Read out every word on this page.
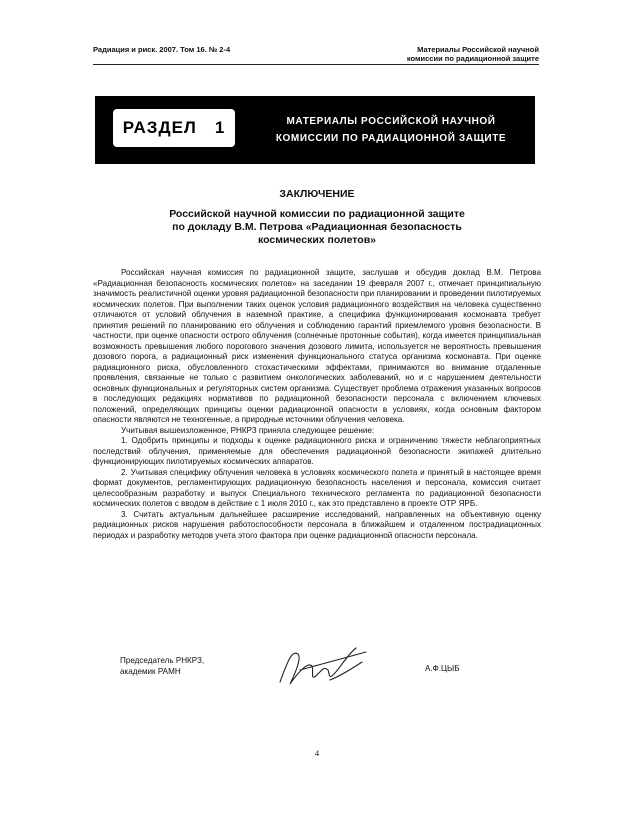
Радиация и риск. 2007. Том 16. № 2-4	Материалы Российской научной
комиссии по радиационной защите
РАЗДЕЛ 1	МАТЕРИАЛЫ РОССИЙСКОЙ НАУЧНОЙ
КОМИССИИ ПО РАДИАЦИОННОЙ ЗАЩИТЕ
ЗАКЛЮЧЕНИЕ
Российской научной комиссии по радиационной защите
по докладу В.М. Петрова «Радиационная безопасность
космических полетов»

Российская научная комиссия по радиационной защите, заслушав и обсудив доклад В.М. Петрова «Радиационная безопасность космических полетов» на заседании 19 февраля 2007 г., отмечает принципиальную значимость реалистичной оценки уровня радиационной безопасности при планировании и проведении пилотируемых космических полетов. При выполнении таких оценок условия радиационного воздействия на человека существенно отличаются от условий облучения в наземной практике, а специфика функционирования космонавта требует принятия решений по планированию его облучения и соблюдению гарантий приемлемого уровня безопасности. В частности, при оценке опасности острого облучения (солнечные протонные события), когда имеется принципиальная возможность превышения любого порогового значения дозового лимита, используется не вероятность превышения дозового порога, а радиационный риск изменения функционального статуса организма космонавта. При оценке радиационного риска, обусловленного стохастическими эффектами, принимаются во внимание отдаленные проявления, связанные не только с развитием онкологических заболеваний, но и с нарушением деятельности основных функциональных и регуляторных систем организма. Существует проблема отражения указанных вопросов в последующих редакциях нормативов по радиационной безопасности персонала с включением ключевых положений, определяющих принципы оценки радиационной опасности в условиях, когда основным фактором опасности являются не техногенные, а природные источники облучения человека.

Учитывая вышеизложенное, РНКРЗ приняла следующее решение:

1. Одобрить принципы и подходы к оценке радиационного риска и ограничению тяжести неблагоприятных последствий облучения, применяемые для обеспечения радиационной безопасности экипажей длительно функционирующих пилотируемых космических аппаратов.

2. Учитывая специфику облучения человека в условиях космического полета и принятый в настоящее время формат документов, регламентирующих радиационную безопасность населения и персонала, комиссия считает целесообразным разработку и выпуск Специального технического регламента по радиационной безопасности космических полетов с вводом в действие с 1 июля 2010 г., как это представлено в проекте ОТР ЯРБ.

3. Считать актуальным дальнейшее расширение исследований, направленных на объективную оценку радиационных рисков нарушения работоспособности персонала в ближайшем и отдаленном пострадиационных периодах и разработку методов учета этого фактора при оценке радиационной опасности персонала.

Председатель РНКРЗ,
академик РАМН	А.Ф.ЦЫБ
4
